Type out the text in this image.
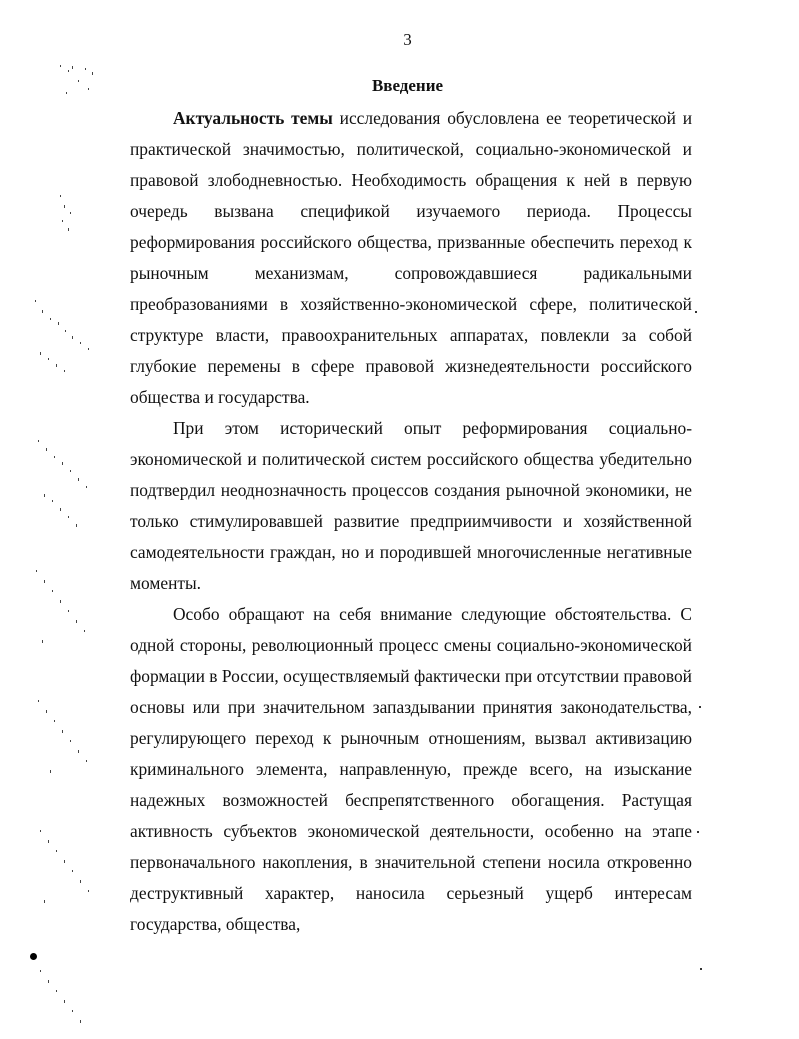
3
Введение

Актуальность темы исследования обусловлена ее теоретической и практической значимостью, политической, социально-экономической и правовой злободневностью. Необходимость обращения к ней в первую очередь вызвана спецификой изучаемого периода. Процессы реформирования российского общества, призванные обеспечить переход к рыночным механизмам, сопровождавшиеся радикальными преобразованиями в хозяйственно-экономической сфере, политической структуре власти, правоохранительных аппаратах, повлекли за собой глубокие перемены в сфере правовой жизнедеятельности российского общества и государства.

При этом исторический опыт реформирования социально-экономической и политической систем российского общества убедительно подтвердил неоднозначность процессов создания рыночной экономики, не только стимулировавшей развитие предприимчивости и хозяйственной самодеятельности граждан, но и породившей многочисленные негативные моменты.

Особо обращают на себя внимание следующие обстоятельства. С одной стороны, революционный процесс смены социально-экономической формации в России, осуществляемый фактически при отсутствии правовой основы или при значительном запаздывании принятия законодательства, регулирующего переход к рыночным отношениям, вызвал активизацию криминального элемента, направленную, прежде всего, на изыскание надежных возможностей беспрепятственного обогащения. Растущая активность субъектов экономической деятельности, особенно на этапе первоначального накопления, в значительной степени носила откровенно деструктивный характер, наносила серьезный ущерб интересам государства, общества,
